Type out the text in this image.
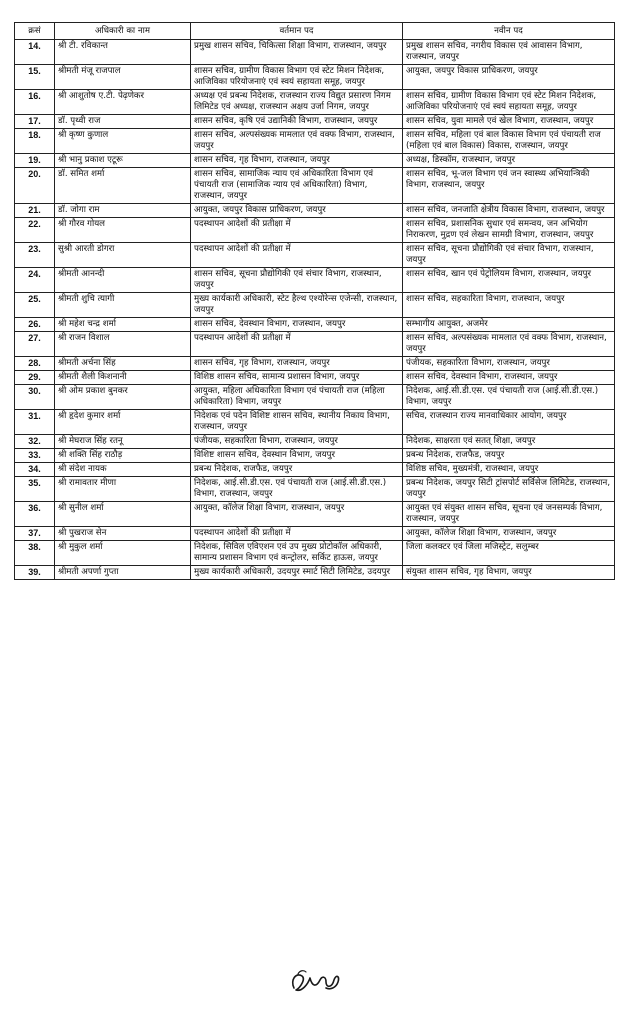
क्रसं	अधिकारी का नाम	वर्तमान पद	नवीन पद
14.	श्री टी. रविकान्त	प्रमुख शासन सचिव, चिकित्सा शिक्षा विभाग, राजस्थान, जयपुर	प्रमुख शासन सचिव, नगरीय विकास एवं आवासन विभाग, राजस्थान, जयपुर
15.	श्रीमती मंजू राजपाल	शासन सचिव, ग्रामीण विकास विभाग एवं स्टेट मिशन निदेशक, आजिविका परियोजनाएं एवं स्वयं सहायता समूह, जयपुर	आयुक्त, जयपुर विकास प्राधिकरण, जयपुर
16.	श्री आशुतोष ए.टी. पेढ़णेकर	अध्यक्ष एवं प्रबन्ध निदेशक, राजस्थान राज्य विद्युत प्रसारण निगम लिमिटेड एवं अध्यक्ष, राजस्थान अक्षय उर्जा निगम, जयपुर	शासन सचिव, ग्रामीण विकास विभाग एवं स्टेट मिशन निदेशक, आजिविका परियोजनाएं एवं स्वयं सहायता समूह, जयपुर
17.	डॉ. पृथ्वी राज	शासन सचिव, कृषि एवं उद्यानिकी विभाग, राजस्थान, जयपुर	शासन सचिव, युवा मामले एवं खेल विभाग, राजस्थान, जयपुर
18.	श्री कृष्ण कुणाल	शासन सचिव, अल्पसंख्यक मामलात एवं वक्फ विभाग, राजस्थान, जयपुर	शासन सचिव, महिला एवं बाल विकास विभाग एवं पंचायती राज (महिला एवं बाल विकास) विकास, राजस्थान, जयपुर
19.	श्री भानु प्रकाश एटूरू	शासन सचिव, गृह विभाग, राजस्थान, जयपुर	अध्यक्ष, डिस्कॉम, राजस्थान, जयपुर
20.	डॉ. समित शर्मा	शासन सचिव, सामाजिक न्याय एवं अधिकारिता विभाग एवं पंचायती राज (सामाजिक न्याय एवं अधिकारिता) विभाग, राजस्थान, जयपुर	शासन सचिव, भू-जल विभाग एवं जन स्वास्थ्य अभियान्त्रिकी विभाग, राजस्थान, जयपुर
21.	डॉ. जोगा राम	आयुक्त, जयपुर विकास प्राधिकरण, जयपुर	शासन सचिव, जनजाति क्षेत्रीय विकास विभाग, राजस्थान, जयपुर
22.	श्री गौरव गोयल	पदस्थापन आदेशों की प्रतीक्षा में	शासन सचिव, प्रशासनिक सुधार एवं समन्वय, जन अभियोग निराकरण, मुद्रण एवं लेखन सामग्री विभाग, राजस्थान, जयपुर
23.	सुश्री आरती डोगरा	पदस्थापन आदेशों की प्रतीक्षा में	शासन सचिव, सूचना प्रौद्योगिकी एवं संचार विभाग, राजस्थान, जयपुर
24.	श्रीमती आनन्दी	शासन सचिव, सूचना प्रौद्योगिकी एवं संचार विभाग, राजस्थान, जयपुर	शासन सचिव, खान एवं पेट्रोलियम विभाग, राजस्थान, जयपुर
25.	श्रीमती शुचि त्यागी	मुख्य कार्यकारी अधिकारी, स्टेट हैल्थ एश्योरेन्स एजेन्सी, राजस्थान, जयपुर	शासन सचिव, सहकारिता विभाग, राजस्थान, जयपुर
26.	श्री महेश चन्द्र शर्मा	शासन सचिव, देवस्थान विभाग, राजस्थान, जयपुर	सम्भागीय आयुक्त, अजमेर
27.	श्री राजन विशाल	पदस्थापन आदेशों की प्रतीक्षा में	शासन सचिव, अल्पसंख्यक मामलात एवं वक्फ विभाग, राजस्थान, जयपुर
28.	श्रीमती अर्चना सिंह	शासन सचिव, गृह विभाग, राजस्थान, जयपुर	पंजीयक, सहकारिता विभाग, राजस्थान, जयपुर
29.	श्रीमती शैली किशनानी	विशिष्ठ शासन सचिव, सामान्य प्रशासन विभाग, जयपुर	शासन सचिव, देवस्थान विभाग, राजस्थान, जयपुर
30.	श्री ओम प्रकाश बुनकर	आयुक्त, महिला अधिकारिता विभाग एवं पंचायती राज (महिला अधिकारिता) विभाग, जयपुर	निदेशक, आई.सी.डी.एस. एवं पंचायती राज (आई.सी.डी.एस.) विभाग, जयपुर
31.	श्री हृदेश कुमार शर्मा	निदेशक एवं पदेन विशिष्ट शासन सचिव, स्थानीय निकाय विभाग, राजस्थान, जयपुर	सचिव, राजस्थान राज्य मानवाधिकार आयोग, जयपुर
32.	श्री मेघराज सिंह रतनू	पंजीयक, सहकारिता विभाग, राजस्थान, जयपुर	निदेशक, साक्षरता एवं सतत् शिक्षा, जयपुर
33.	श्री शक्ति सिंह राठौड़	विशिष्ट शासन सचिव, देवस्थान विभाग, जयपुर	प्रबन्ध निदेशक, राजफैड, जयपुर
34.	श्री संदेश नायक	प्रबन्ध निदेशक, राजफैड, जयपुर	विशिष्ठ सचिव, मुख्यमंत्री, राजस्थान, जयपुर
35.	श्री रामावतार मीणा	निदेशक, आई.सी.डी.एस. एवं पंचायती राज (आई.सी.डी.एस.) विभाग, राजस्थान, जयपुर	प्रबन्ध निदेशक, जयपुर सिटी ट्रांसपोर्ट सर्विसेज लिमिटेड, राजस्थान, जयपुर
36.	श्री सुनील शर्मा	आयुक्त, कॉलेज शिक्षा विभाग, राजस्थान, जयपुर	आयुक्त एवं संयुक्त शासन सचिव, सूचना एवं जनसम्पर्क विभाग, राजस्थान, जयपुर
37.	श्री पुखराज सेन	पदस्थापन आदेशों की प्रतीक्षा में	आयुक्त, कॉलेज शिक्षा विभाग, राजस्थान, जयपुर
38.	श्री मुकुल शर्मा	निदेशक, सिविल एविएशन एवं उप मुख्य प्रोटोकॉल अधिकारी, सामान्य प्रशासन विभाग एवं कन्ट्रोलर, सर्किट हाऊस, जयपुर	जिला कलक्टर एवं जिला मजिस्ट्रेट, सलुम्बर
39.	श्रीमती अपर्णा गुप्ता	मुख्य कार्यकारी अधिकारी, उदयपुर स्मार्ट सिटी लिमिटेड, उदयपुर	संयुक्त शासन सचिव, गृह विभाग, जयपुर
